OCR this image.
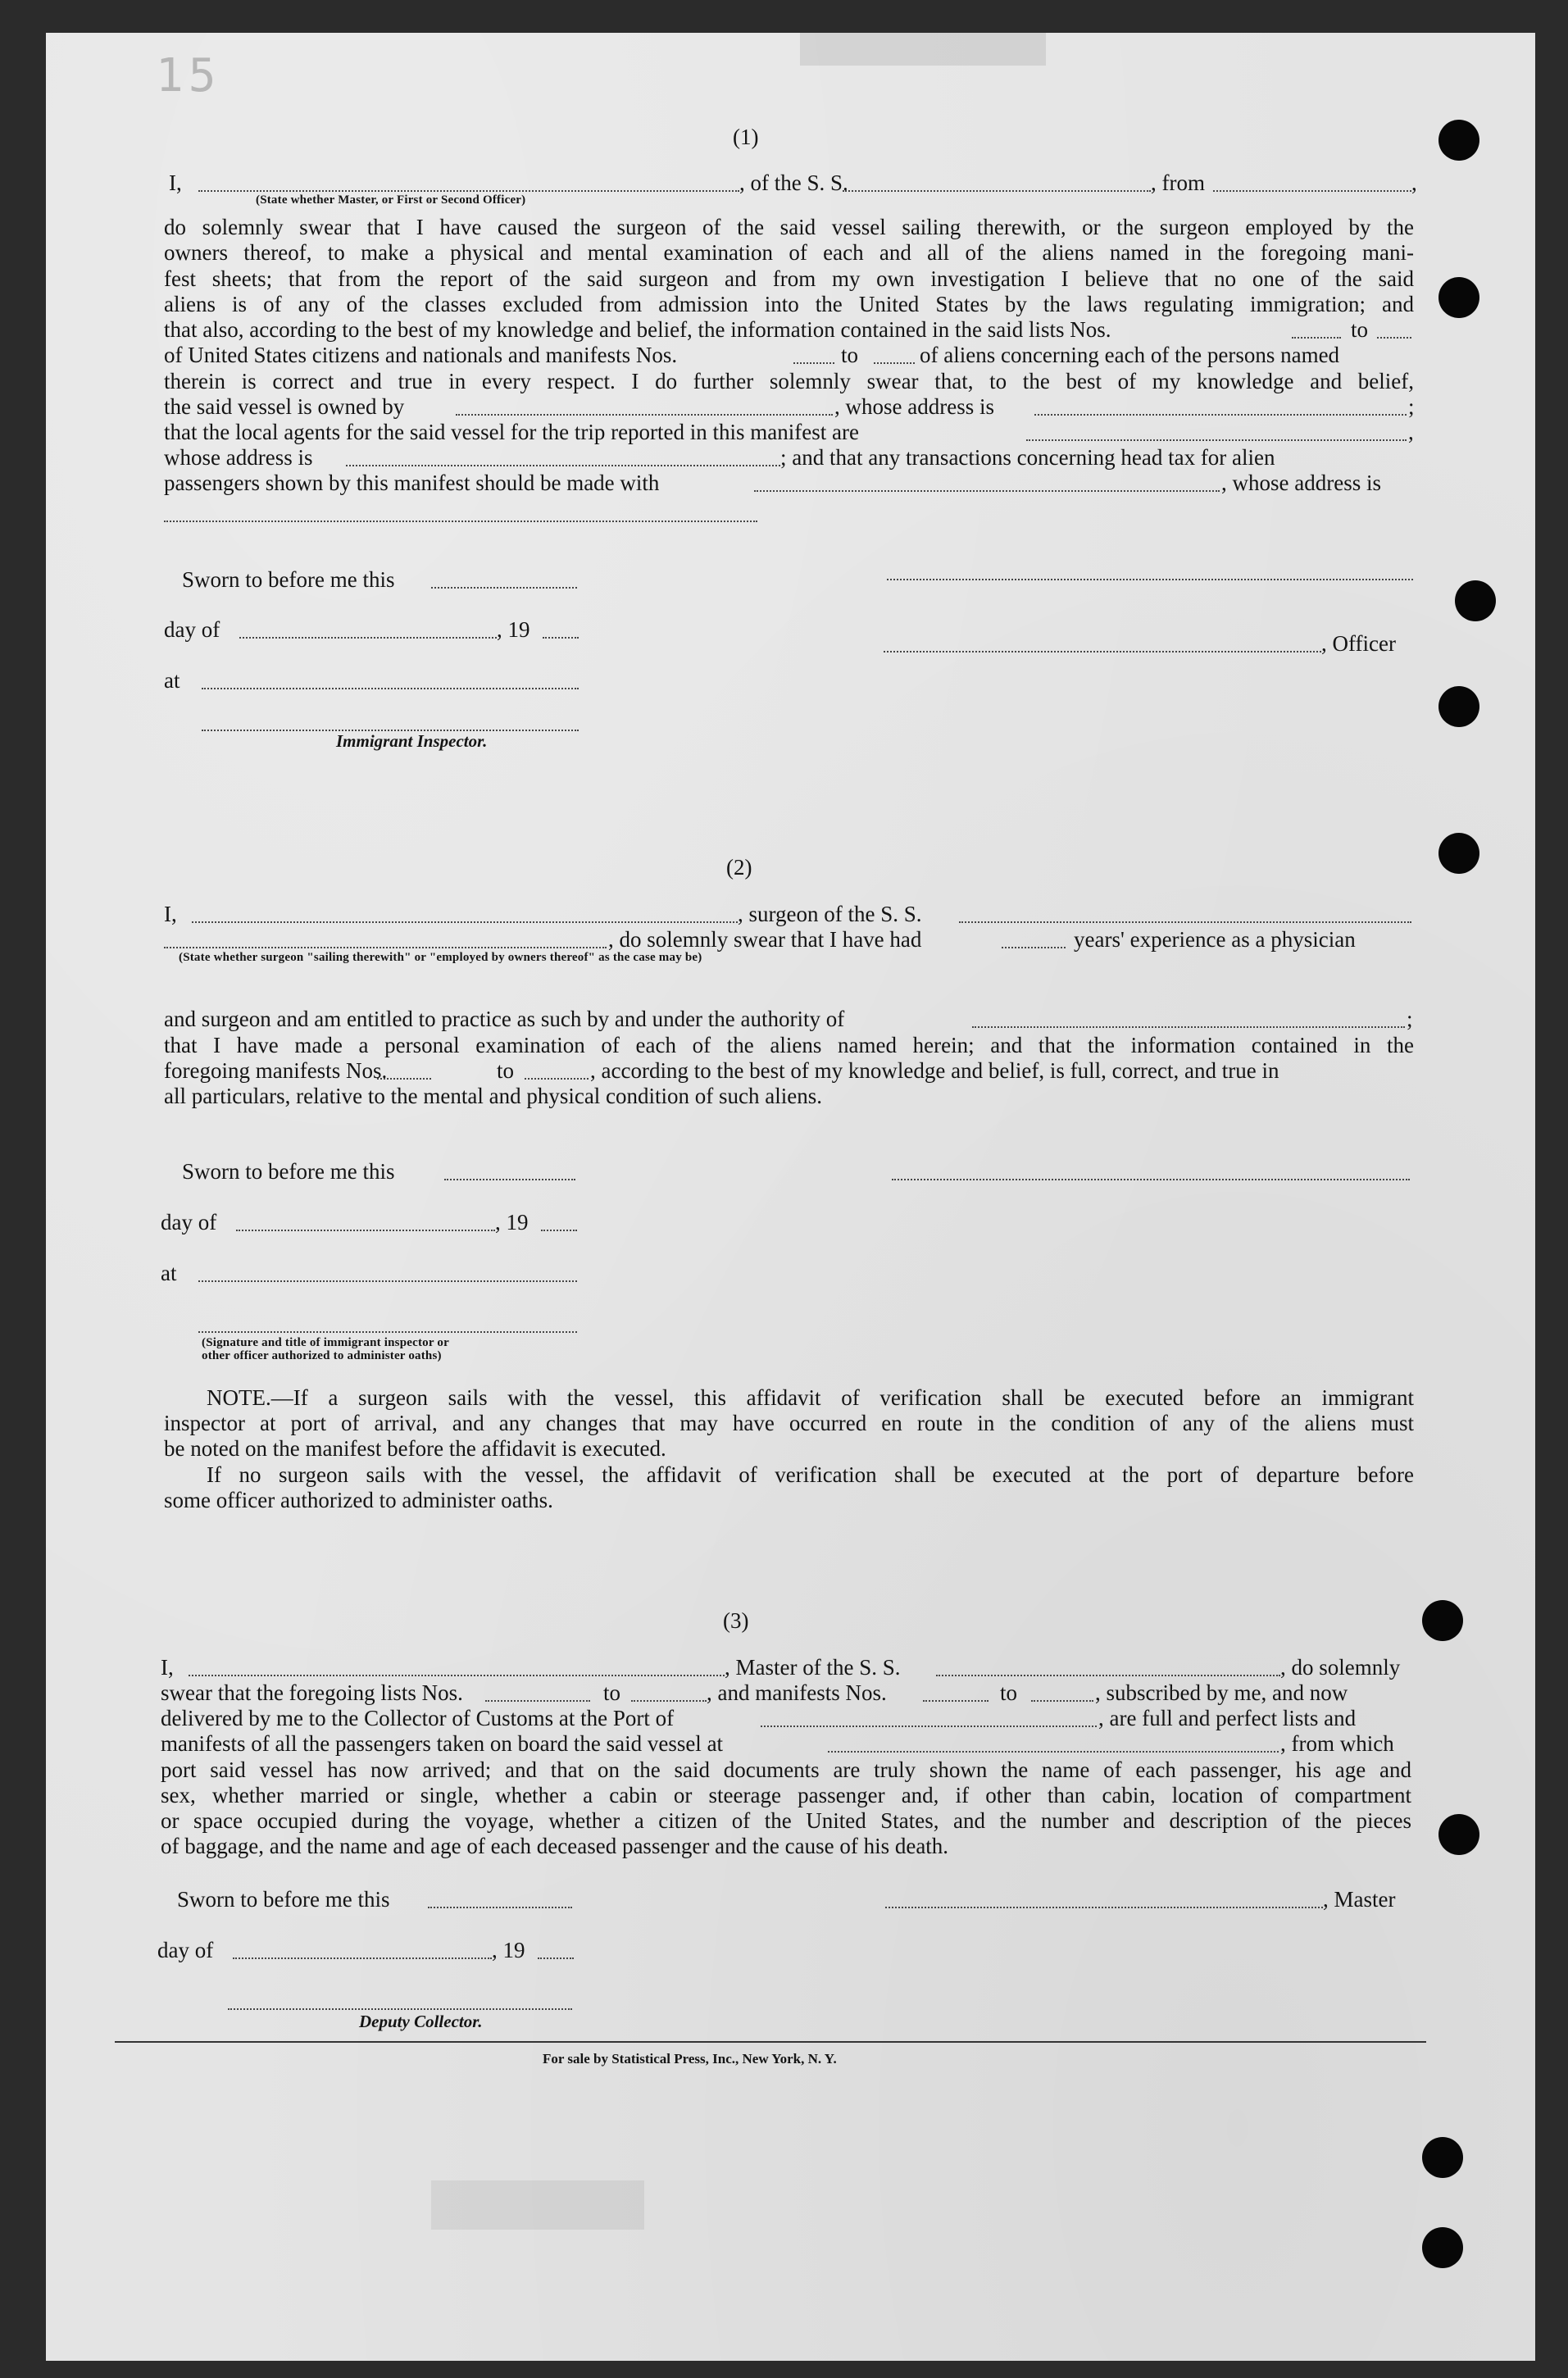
15
(1)
I,	, of the S. S.	, from	,
(State whether Master, or First or Second Officer)
do solemnly swear that I have caused the surgeon of the said vessel sailing therewith, or the surgeon employed by the
owners thereof, to make a physical and mental examination of each and all of the aliens named in the foregoing mani-
fest sheets; that from the report of the said surgeon and from my own investigation I believe that no one of the said
aliens is of any of the classes excluded from admission into the United States by the laws regulating immigration; and
that also, according to the best of my knowledge and belief, the information contained in the said lists Nos.	to
of United States citizens and nationals and manifests Nos.	to	of aliens concerning each of the persons named
therein is correct and true in every respect. I do further solemnly swear that, to the best of my knowledge and belief,
the said vessel is owned by	, whose address is	;
that the local agents for the said vessel for the trip reported in this manifest are	,
whose address is	; and that any transactions concerning head tax for alien
passengers shown by this manifest should be made with	, whose address is
Sworn to before me this
day of	, 19
, Officer
at
Immigrant Inspector.
(2)
I,	, surgeon of the S. S.
, do solemnly swear that I have had	years' experience as a physician
(State whether surgeon "sailing therewith" or "employed by owners thereof" as the case may be)
and surgeon and am entitled to practice as such by and under the authority of	;
that I have made a personal examination of each of the aliens named herein; and that the information contained in the
foregoing manifests Nos.	to	, according to the best of my knowledge and belief, is full, correct, and true in
all particulars, relative to the mental and physical condition of such aliens.
Sworn to before me this
day of	, 19
at
(Signature and title of immigrant inspector or
other officer authorized to administer oaths)
NOTE.—If a surgeon sails with the vessel, this affidavit of verification shall be executed before an immigrant
inspector at port of arrival, and any changes that may have occurred en route in the condition of any of the aliens must
be noted on the manifest before the affidavit is executed.
If no surgeon sails with the vessel, the affidavit of verification shall be executed at the port of departure before
some officer authorized to administer oaths.
(3)
I,	, Master of the S. S.	, do solemnly
swear that the foregoing lists Nos.	to	, and manifests Nos.	to	, subscribed by me, and now
delivered by me to the Collector of Customs at the Port of	, are full and perfect lists and
manifests of all the passengers taken on board the said vessel at	, from which
port said vessel has now arrived; and that on the said documents are truly shown the name of each passenger, his age and
sex, whether married or single, whether a cabin or steerage passenger and, if other than cabin, location of compartment
or space occupied during the voyage, whether a citizen of the United States, and the number and description of the pieces
of baggage, and the name and age of each deceased passenger and the cause of his death.
Sworn to before me this	, Master
day of	, 19
Deputy Collector.
For sale by Statistical Press, Inc., New York, N. Y.
